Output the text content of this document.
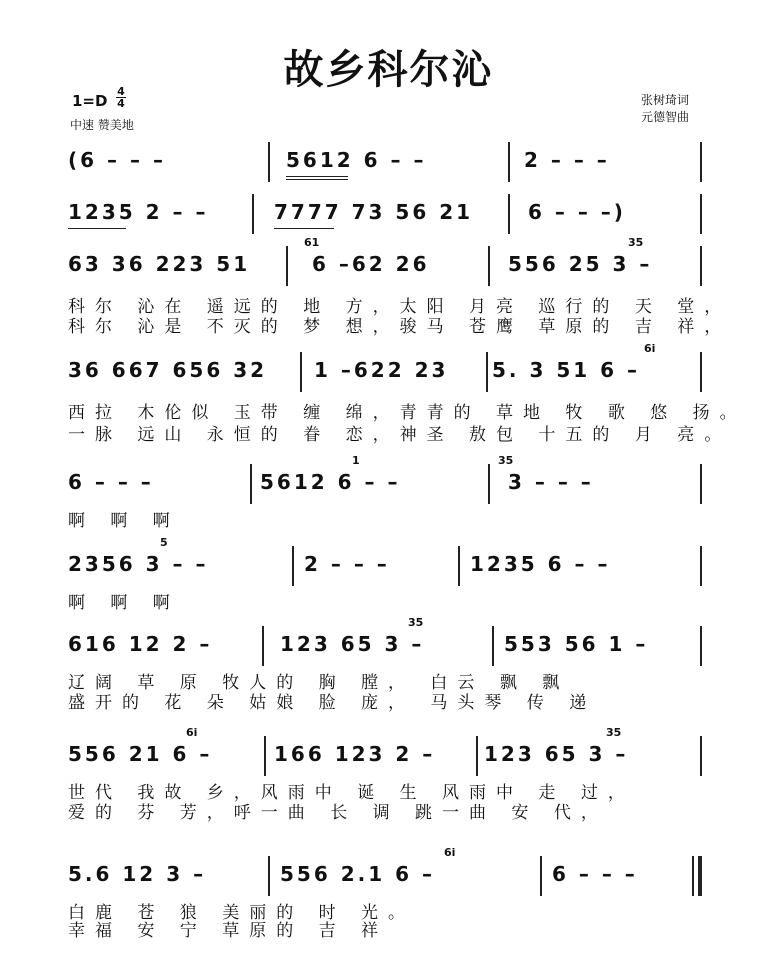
故乡科尔沁
1=D
4
4
中速 赞美地
张树琦词
元德智曲
(6 – – –	5612 6 – –	2 – – –
1235 2 – –	7777 73 56 21	6 – – –)
63 36 223 51
61
6 –62 26
35
556 25 3 –
科尔 沁在 遥远的 地 方，太阳 月亮 巡行的 天 堂，
科尔 沁是 不灭的 梦 想，骏马 苍鹰 草原的 吉 祥，
36 667 656 32 1 –622 23
6i
5. 3 51 6 –
西拉 木伦似 玉带 缠 绵，青青的 草地 牧 歌 悠 扬。
一脉 远山 永恒的 眷 恋，神圣 敖包 十五的 月 亮。
6 – – –
1
5612 6 – –
35
3 – – –
啊 啊 啊
5
2356 3 – –	2 – – –	1235 6 – –
啊 啊 啊
616 12 2 –
35
123 65 3 –	553 56 1 –
辽阔 草 原 牧人的 胸 膛， 白云 飘 飘
盛开的 花 朵 姑娘 脸 庞， 马头琴 传 递
6i
556 21 6 –	166 123 2 –
35
123 65 3 –
世代 我故 乡，风雨中 诞 生 风雨中 走 过，
爱的 芬 芳，呼一曲 长 调 跳一曲 安 代，
5.6 12 3 –
6i
556 2.1 6 –	6 – – –
白鹿 苍 狼 美丽的 时 光。
幸福 安 宁 草原的 吉 祥
